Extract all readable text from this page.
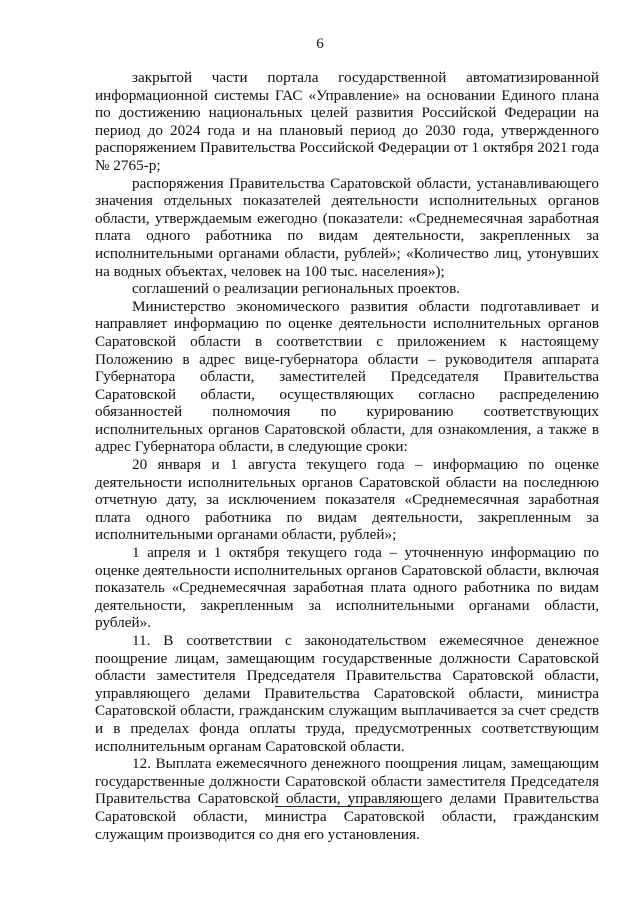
6

закрытой части портала государственной автоматизированной информационной системы ГАС «Управление» на основании Единого плана по достижению национальных целей развития Российской Федерации на период до 2024 года и на плановый период до 2030 года, утвержденного распоряжением Правительства Российской Федерации от 1 октября 2021 года № 2765-р;

распоряжения Правительства Саратовской области, устанавливающего значения отдельных показателей деятельности исполнительных органов области, утверждаемым ежегодно (показатели: «Среднемесячная заработная плата одного работника по видам деятельности, закрепленных за исполнительными органами области, рублей»; «Количество лиц, утонувших на водных объектах, человек на 100 тыс. населения»);

соглашений о реализации региональных проектов.

Министерство экономического развития области подготавливает и направляет информацию по оценке деятельности исполнительных органов Саратовской области в соответствии с приложением к настоящему Положению в адрес вице-губернатора области – руководителя аппарата Губернатора области, заместителей Председателя Правительства Саратовской области, осуществляющих согласно распределению обязанностей полномочия по курированию соответствующих исполнительных органов Саратовской области, для ознакомления, а также в адрес Губернатора области, в следующие сроки:

20 января и 1 августа текущего года – информацию по оценке деятельности исполнительных органов Саратовской области на последнюю отчетную дату, за исключением показателя «Среднемесячная заработная плата одного работника по видам деятельности, закрепленным за исполнительными органами области, рублей»;

1 апреля и 1 октября текущего года – уточненную информацию по оценке деятельности исполнительных органов Саратовской области, включая показатель «Среднемесячная заработная плата одного работника по видам деятельности, закрепленным за исполнительными органами области, рублей».

11. В соответствии с законодательством ежемесячное денежное поощрение лицам, замещающим государственные должности Саратовской области заместителя Председателя Правительства Саратовской области, управляющего делами Правительства Саратовской области, министра Саратовской области, гражданским служащим выплачивается за счет средств и в пределах фонда оплаты труда, предусмотренных соответствующим исполнительным органам Саратовской области.

12. Выплата ежемесячного денежного поощрения лицам, замещающим государственные должности Саратовской области заместителя Председателя Правительства Саратовской области, управляющего делами Правительства Саратовской области, министра Саратовской области, гражданским служащим производится со дня его установления.
